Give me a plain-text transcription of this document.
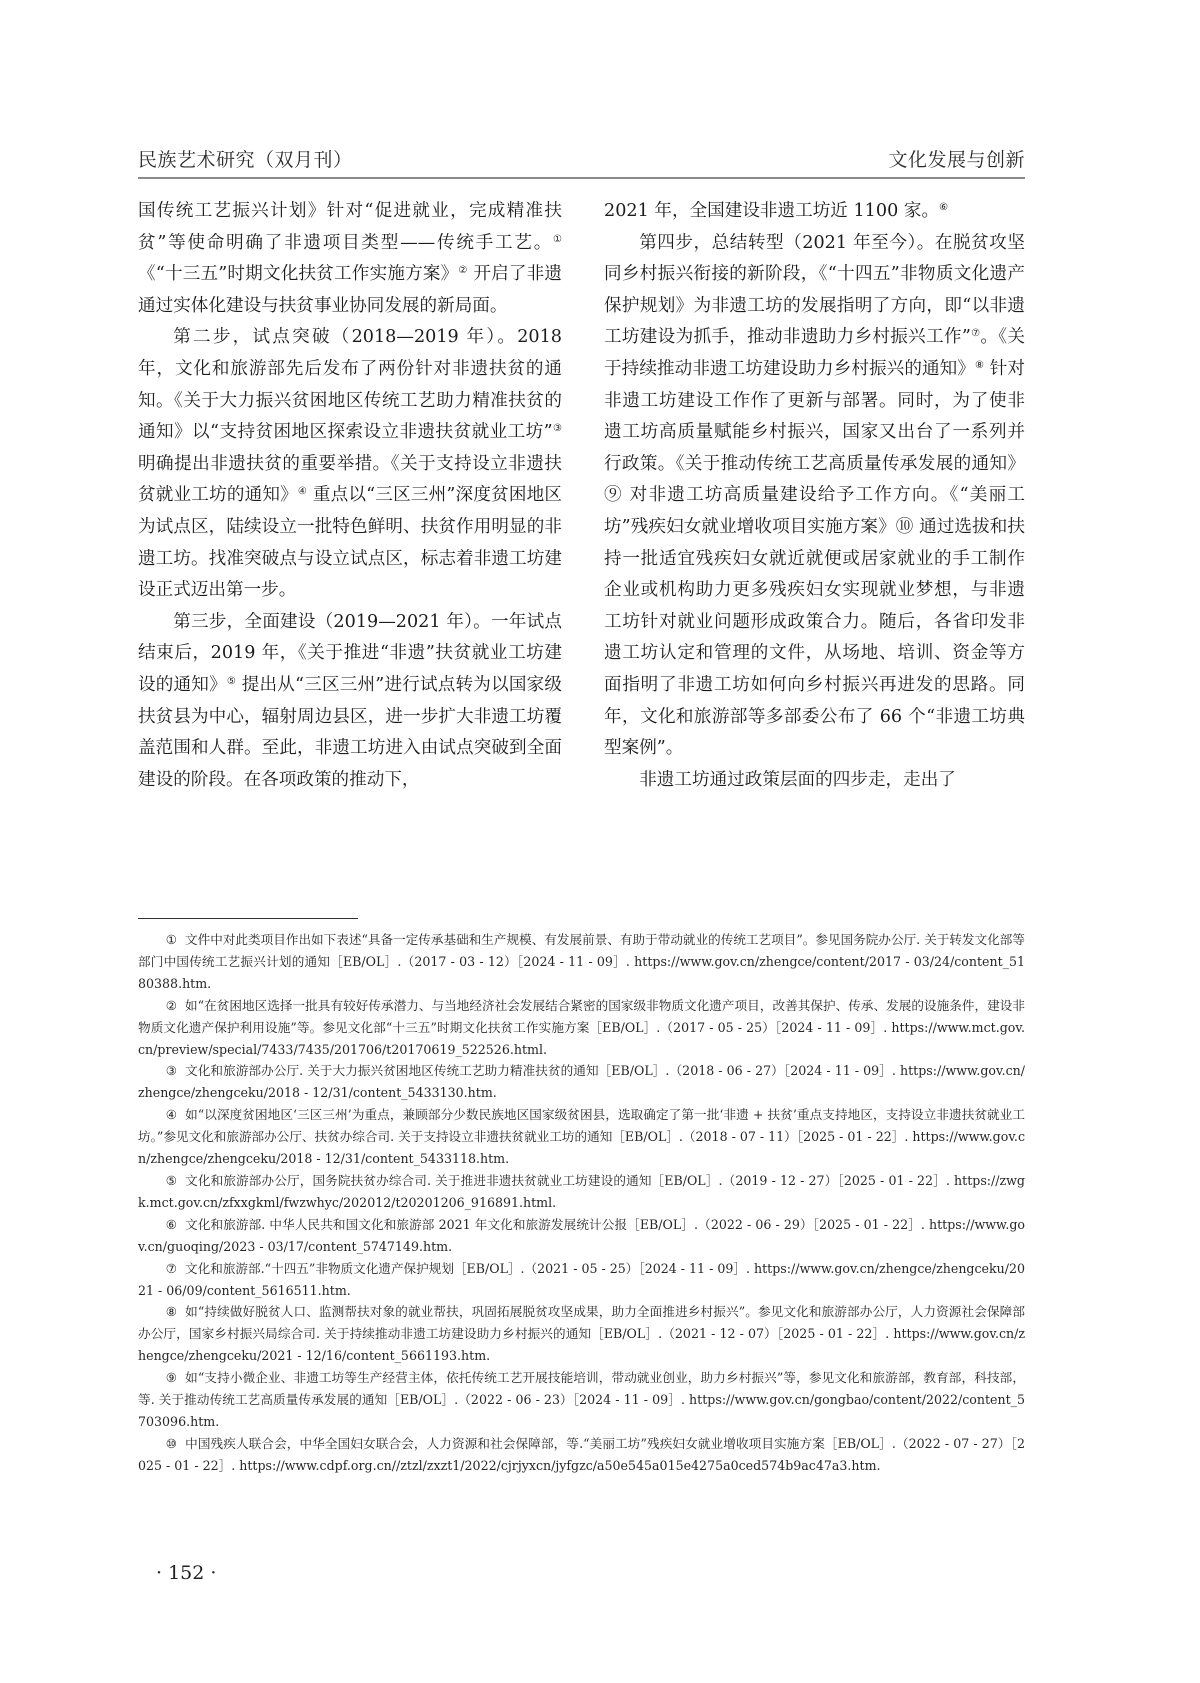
民族艺术研究（双月刊）	文化发展与创新

国传统工艺振兴计划》针对“促进就业，完成精准扶贫”等使命明确了非遗项目类型——传统手工艺。①《“十三五”时期文化扶贫工作实施方案》② 开启了非遗通过实体化建设与扶贫事业协同发展的新局面。

第二步，试点突破（2018—2019 年）。2018 年，文化和旅游部先后发布了两份针对非遗扶贫的通知。《关于大力振兴贫困地区传统工艺助力精准扶贫的通知》以“支持贫困地区探索设立非遗扶贫就业工坊”③ 明确提出非遗扶贫的重要举措。《关于支持设立非遗扶贫就业工坊的通知》④ 重点以“三区三州”深度贫困地区为试点区，陆续设立一批特色鲜明、扶贫作用明显的非遗工坊。找准突破点与设立试点区，标志着非遗工坊建设正式迈出第一步。

第三步，全面建设（2019—2021 年）。一年试点结束后，2019 年，《关于推进“非遗”扶贫就业工坊建设的通知》⑤ 提出从“三区三州”进行试点转为以国家级扶贫县为中心，辐射周边县区，进一步扩大非遗工坊覆盖范围和人群。至此，非遗工坊进入由试点突破到全面建设的阶段。在各项政策的推动下，

2021 年，全国建设非遗工坊近 1100 家。⑥

第四步，总结转型（2021 年至今）。在脱贫攻坚同乡村振兴衔接的新阶段，《“十四五”非物质文化遗产保护规划》为非遗工坊的发展指明了方向，即“以非遗工坊建设为抓手，推动非遗助力乡村振兴工作”⑦。《关于持续推动非遗工坊建设助力乡村振兴的通知》⑧ 针对非遗工坊建设工作作了更新与部署。同时，为了使非遗工坊高质量赋能乡村振兴，国家又出台了一系列并行政策。《关于推动传统工艺高质量传承发展的通知》⑨ 对非遗工坊高质量建设给予工作方向。《“美丽工坊”残疾妇女就业增收项目实施方案》⑩ 通过选拔和扶持一批适宜残疾妇女就近就便或居家就业的手工制作企业或机构助力更多残疾妇女实现就业梦想，与非遗工坊针对就业问题形成政策合力。随后，各省印发非遗工坊认定和管理的文件，从场地、培训、资金等方面指明了非遗工坊如何向乡村振兴再进发的思路。同年，文化和旅游部等多部委公布了 66 个“非遗工坊典型案例”。

非遗工坊通过政策层面的四步走，走出了

① 文件中对此类项目作出如下表述“具备一定传承基础和生产规模、有发展前景、有助于带动就业的传统工艺项目”。参见国务院办公厅. 关于转发文化部等部门中国传统工艺振兴计划的通知［EB/OL］.（2017 - 03 - 12）［2024 - 11 - 09］. https://www.gov.cn/zhengce/content/2017 - 03/24/content_5180388.htm.

② 如“在贫困地区选择一批具有较好传承潜力、与当地经济社会发展结合紧密的国家级非物质文化遗产项目，改善其保护、传承、发展的设施条件，建设非物质文化遗产保护利用设施”等。参见文化部“十三五”时期文化扶贫工作实施方案［EB/OL］.（2017 - 05 - 25）［2024 - 11 - 09］. https://www.mct.gov.cn/preview/special/7433/7435/201706/t20170619_522526.html.

③ 文化和旅游部办公厅. 关于大力振兴贫困地区传统工艺助力精准扶贫的通知［EB/OL］.（2018 - 06 - 27）［2024 - 11 - 09］. https://www.gov.cn/zhengce/zhengceku/2018 - 12/31/content_5433130.htm.

④ 如“以深度贫困地区‘三区三州’为重点，兼顾部分少数民族地区国家级贫困县，选取确定了第一批‘非遗 + 扶贫’重点支持地区，支持设立非遗扶贫就业工坊。”参见文化和旅游部办公厅、扶贫办综合司. 关于支持设立非遗扶贫就业工坊的通知［EB/OL］.（2018 - 07 - 11）［2025 - 01 - 22］. https://www.gov.cn/zhengce/zhengceku/2018 - 12/31/content_5433118.htm.

⑤ 文化和旅游部办公厅，国务院扶贫办综合司. 关于推进非遗扶贫就业工坊建设的通知［EB/OL］.（2019 - 12 - 27）［2025 - 01 - 22］. https://zwgk.mct.gov.cn/zfxxgkml/fwzwhyc/202012/t20201206_916891.html.

⑥ 文化和旅游部. 中华人民共和国文化和旅游部 2021 年文化和旅游发展统计公报［EB/OL］.（2022 - 06 - 29）［2025 - 01 - 22］. https://www.gov.cn/guoqing/2023 - 03/17/content_5747149.htm.

⑦ 文化和旅游部.“十四五”非物质文化遗产保护规划［EB/OL］.（2021 - 05 - 25）［2024 - 11 - 09］. https://www.gov.cn/zhengce/zhengceku/2021 - 06/09/content_5616511.htm.

⑧ 如“持续做好脱贫人口、监测帮扶对象的就业帮扶，巩固拓展脱贫攻坚成果，助力全面推进乡村振兴”。参见文化和旅游部办公厅，人力资源社会保障部办公厅，国家乡村振兴局综合司. 关于持续推动非遗工坊建设助力乡村振兴的通知［EB/OL］.（2021 - 12 - 07）［2025 - 01 - 22］. https://www.gov.cn/zhengce/zhengceku/2021 - 12/16/content_5661193.htm.

⑨ 如“支持小微企业、非遗工坊等生产经营主体，依托传统工艺开展技能培训，带动就业创业，助力乡村振兴”等，参见文化和旅游部，教育部，科技部，等. 关于推动传统工艺高质量传承发展的通知［EB/OL］.（2022 - 06 - 23）［2024 - 11 - 09］. https://www.gov.cn/gongbao/content/2022/content_5703096.htm.

⑩ 中国残疾人联合会，中华全国妇女联合会，人力资源和社会保障部，等.“美丽工坊”残疾妇女就业增收项目实施方案［EB/OL］.（2022 - 07 - 27）［2025 - 01 - 22］. https://www.cdpf.org.cn//ztzl/zxzt1/2022/cjrjyxcn/jyfgzc/a50e545a015e4275a0ced574b9ac47a3.htm.

· 152 ·
